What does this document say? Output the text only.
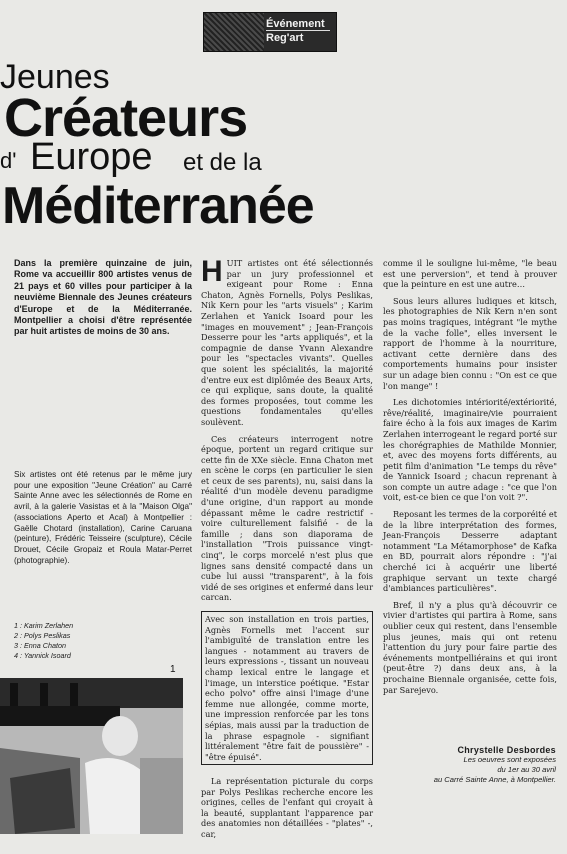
Événement
Reg'art
Jeunes
Créateurs
d' Europe et de la
Méditerranée
Dans la première quinzaine de juin, Rome va accueillir 800 artistes venus de 21 pays et 60 villes pour participer à la neuvième Biennale des Jeunes créateurs d'Europe et de la Méditerranée. Montpellier a choisi d'être représentée par huit artistes de moins de 30 ans.
Six artistes ont été retenus par le même jury pour une exposition "Jeune Création" au Carré Sainte Anne avec les sélectionnés de Rome en avril, à la galerie Vasistas et à la "Maison Olga" (associations Aperto et Acal) à Montpellier : Gaëlle Chotard (installation), Carine Caruana (peinture), Frédéric Teisseire (sculpture), Cécile Drouet, Cécile Gropaiz et Roula Matar-Perret (photographie).
1 : Karim Zerlahen
2 : Polys Peslikas
3 : Enna Chaton
4 : Yannick Isoard
1

HUIT artistes ont été sélectionnés par un jury professionnel et exigeant pour Rome : Enna Chaton, Agnès Fornells, Polys Peslikas, Nik Kern pour les "arts visuels" ; Karim Zerlahen et Yanick Isoard pour les "images en mouvement" ; Jean-François Desserre pour les "arts appliqués", et la compagnie de danse Yvann Alexandre pour les "spectacles vivants". Quelles que soient les spécialités, la majorité d'entre eux est diplômée des Beaux Arts, ce qui explique, sans doute, la qualité des formes proposées, tout comme les questions fondamentales qu'elles soulèvent.

Ces créateurs interrogent notre époque, portent un regard critique sur cette fin de XXe siècle. Enna Chaton met en scène le corps (en particulier le sien et ceux de ses parents), nu, saisi dans la réalité d'un modèle devenu paradigme d'une origine, d'un rapport au monde dépassant même le cadre restrictif - voire culturellement falsifié - de la famille ; dans son diaporama de l'installation "Trois puissance vingt-cinq", le corps morcelé n'est plus que lignes sans densité compacté dans un cube lui aussi "transparent", à la fois vidé de ses origines et enfermé dans leur carcan.

Avec son installation en trois parties, Agnès Fornells met l'accent sur l'ambiguïté de translation entre les langues - notamment au travers de leurs expressions -, tissant un nouveau champ lexical entre le langage et l'image, un interstice poétique. "Estar echo polvo" offre ainsi l'image d'une femme nue allongée, comme morte, une impression renforcée par les tons sépias, mais aussi par la traduction de la phrase espagnole - signifiant littéralement "être fait de poussière" - "être épuisé".
La représentation picturale du corps par Polys Peslikas recherche encore les origines, celles de l'enfant qui croyait à la beauté, supplantant l'apparence par des anatomies non détaillées - "plates" -, car,

comme il le souligne lui-même, "le beau est une perversion", et tend à prouver que la peinture en est une autre…

Sous leurs allures ludiques et kitsch, les photographies de Nik Kern n'en sont pas moins tragiques, intégrant "le mythe de la vache folle", elles inversent le rapport de l'homme à la nourriture, activant cette dernière dans des comportements humains pour insister sur un adage bien connu : "On est ce que l'on mange" !

Les dichotomies intériorité/extériorité, rêve/réalité, imaginaire/vie pourraient faire écho à la fois aux images de Karim Zerlahen interrogeant le regard porté sur les chorégraphies de Mathilde Monnier, et, avec des moyens forts différents, au petit film d'animation "Le temps du rêve" de Yannick Isoard ; chacun reprenant à son compte un autre adage : "ce que l'on voit, est-ce bien ce que l'on voit ?".

Reposant les termes de la corporéité et de la libre interprétation des formes, Jean-François Desserre adaptant notamment "La Métamorphose" de Kafka en BD, pourrait alors répondre : "j'ai cherché ici à acquérir une liberté graphique servant un texte chargé d'ambiances particulières".

Bref, il n'y a plus qu'à découvrir ce vivier d'artistes qui partira à Rome, sans oublier ceux qui restent, dans l'ensemble plus jeunes, mais qui ont retenu l'attention du jury pour faire partie des événements montpelliérains et qui iront (peut-être ?) dans deux ans, à la prochaine Biennale organisée, cette fois, par Sarejevo.

Chrystelle Desbordes
Les oeuvres sont exposées
du 1er au 30 avril
au Carré Sainte Anne, à Montpellier.
